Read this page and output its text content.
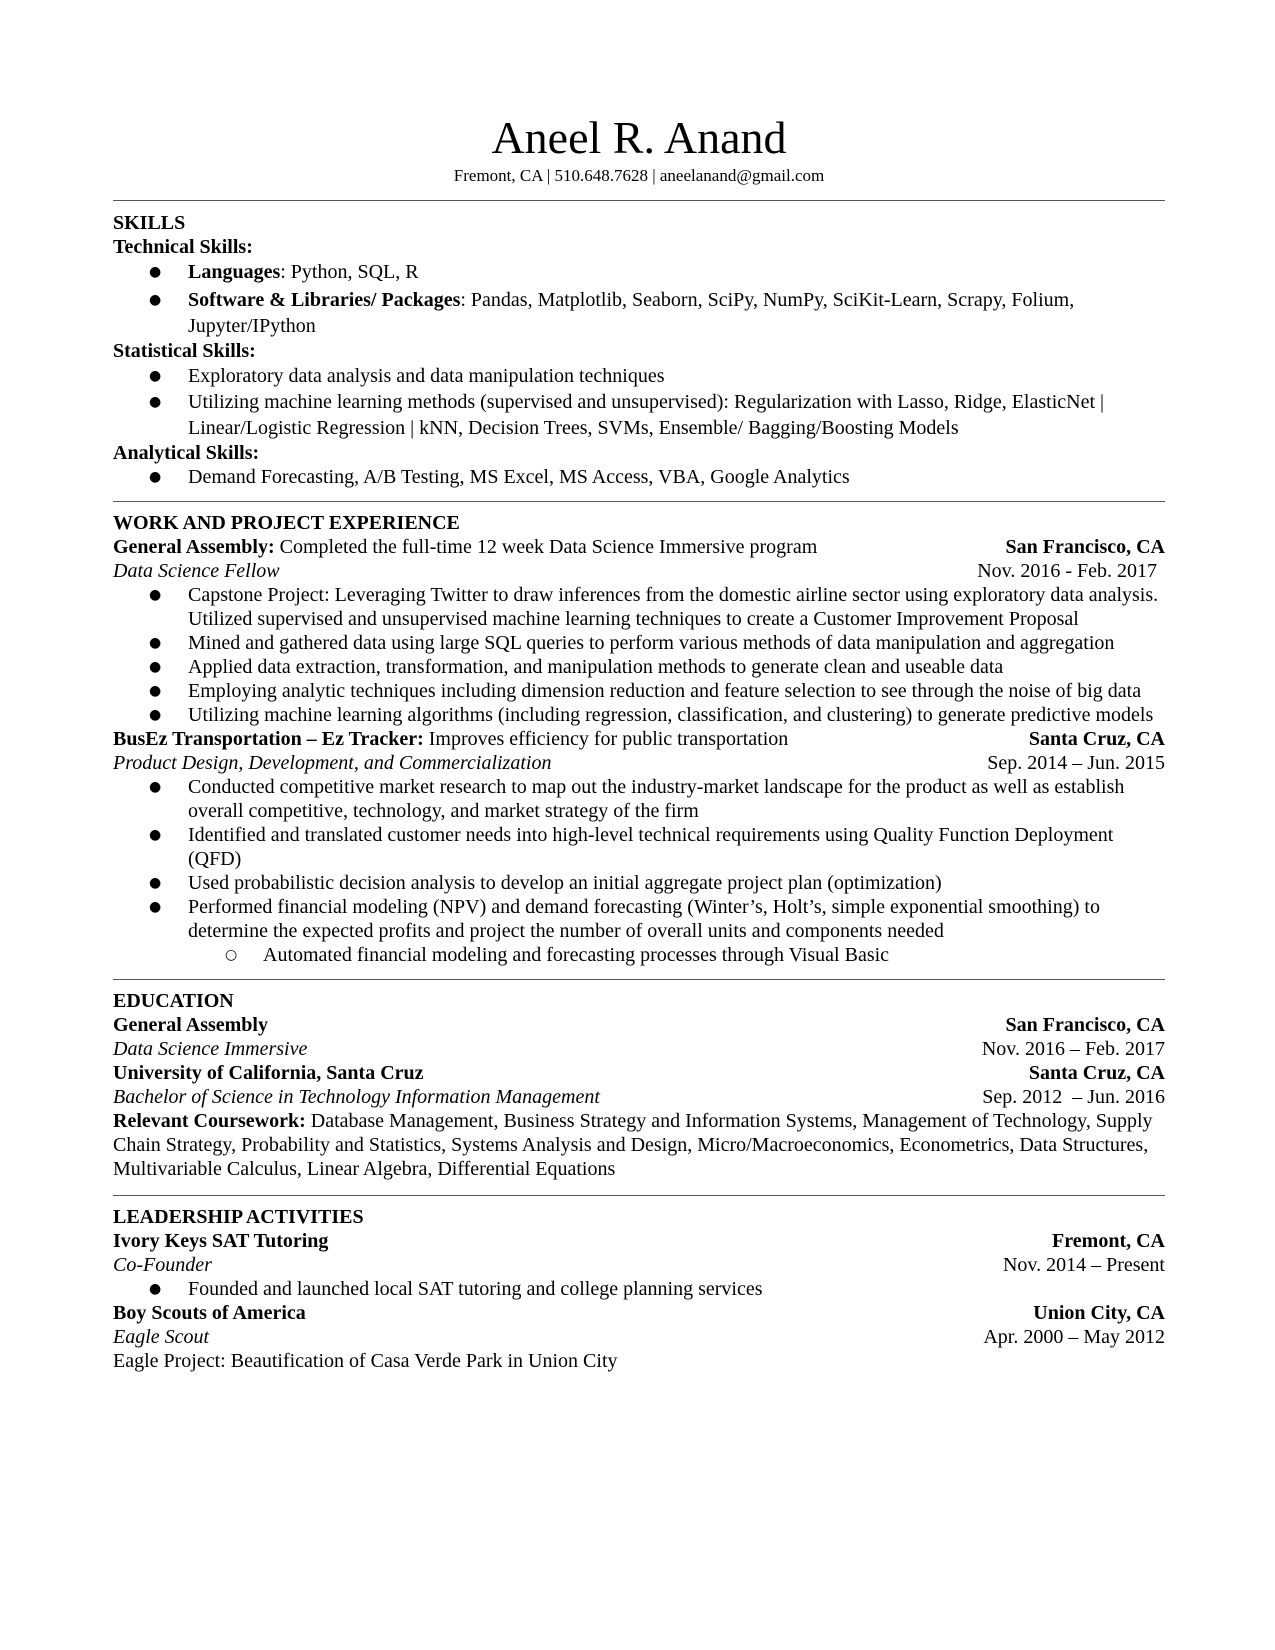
Aneel R. Anand
Fremont, CA | 510.648.7628 | aneelanand@gmail.com
SKILLS
Technical Skills:
● Languages: Python, SQL, R
● Software & Libraries/ Packages: Pandas, Matplotlib, Seaborn, SciPy, NumPy, SciKit-Learn, Scrapy, Folium, Jupyter/IPython
Statistical Skills:
● Exploratory data analysis and data manipulation techniques
● Utilizing machine learning methods (supervised and unsupervised): Regularization with Lasso, Ridge, ElasticNet | Linear/Logistic Regression | kNN, Decision Trees, SVMs, Ensemble/ Bagging/Boosting Models
Analytical Skills:
● Demand Forecasting, A/B Testing, MS Excel, MS Access, VBA, Google Analytics
WORK AND PROJECT EXPERIENCE
General Assembly: Completed the full-time 12 week Data Science Immersive program	San Francisco, CA
Data Science Fellow	Nov. 2016 - Feb. 2017
● Capstone Project: Leveraging Twitter to draw inferences from the domestic airline sector using exploratory data analysis. Utilized supervised and unsupervised machine learning techniques to create a Customer Improvement Proposal
● Mined and gathered data using large SQL queries to perform various methods of data manipulation and aggregation
● Applied data extraction, transformation, and manipulation methods to generate clean and useable data
● Employing analytic techniques including dimension reduction and feature selection to see through the noise of big data
● Utilizing machine learning algorithms (including regression, classification, and clustering) to generate predictive models
BusEz Transportation – Ez Tracker: Improves efficiency for public transportation	Santa Cruz, CA
Product Design, Development, and Commercialization	Sep. 2014 – Jun. 2015
● Conducted competitive market research to map out the industry-market landscape for the product as well as establish overall competitive, technology, and market strategy of the firm
● Identified and translated customer needs into high-level technical requirements using Quality Function Deployment (QFD)
● Used probabilistic decision analysis to develop an initial aggregate project plan (optimization)
● Performed financial modeling (NPV) and demand forecasting (Winter’s, Holt’s, simple exponential smoothing) to determine the expected profits and project the number of overall units and components needed
○ Automated financial modeling and forecasting processes through Visual Basic
EDUCATION
General Assembly	San Francisco, CA
Data Science Immersive	Nov. 2016 – Feb. 2017
University of California, Santa Cruz	Santa Cruz, CA
Bachelor of Science in Technology Information Management	Sep. 2012  – Jun. 2016
Relevant Coursework: Database Management, Business Strategy and Information Systems, Management of Technology, Supply Chain Strategy, Probability and Statistics, Systems Analysis and Design, Micro/Macroeconomics, Econometrics, Data Structures, Multivariable Calculus, Linear Algebra, Differential Equations
LEADERSHIP ACTIVITIES
Ivory Keys SAT Tutoring	Fremont, CA
Co-Founder	Nov. 2014 – Present
● Founded and launched local SAT tutoring and college planning services
Boy Scouts of America	Union City, CA
Eagle Scout	Apr. 2000 – May 2012
Eagle Project: Beautification of Casa Verde Park in Union City
